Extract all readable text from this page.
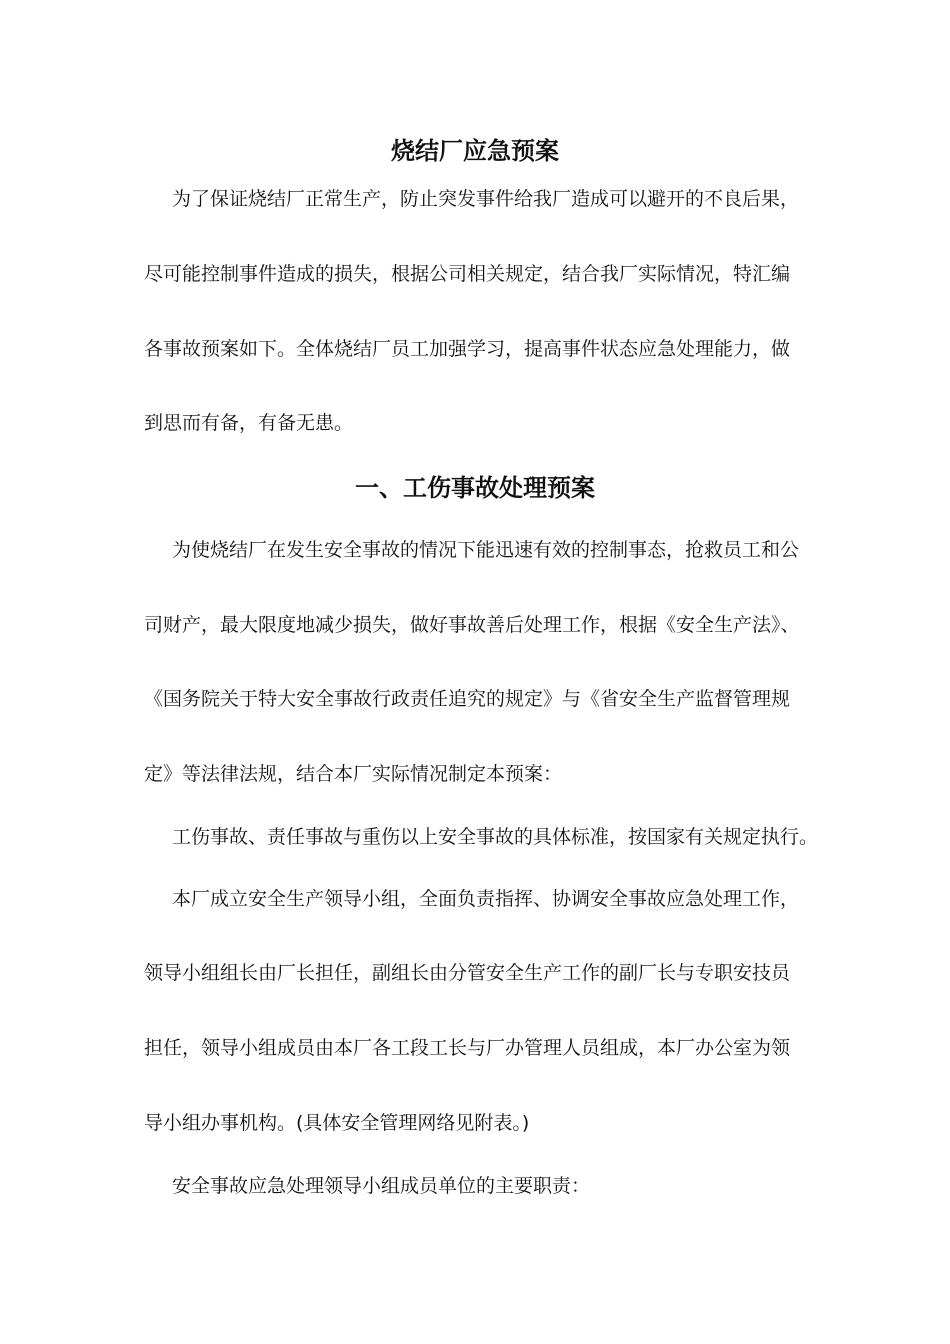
烧结厂应急预案
为了保证烧结厂正常生产，防止突发事件给我厂造成可以避开的不良后果，
尽可能控制事件造成的损失，根据公司相关规定，结合我厂实际情况，特汇编
各事故预案如下。全体烧结厂员工加强学习，提高事件状态应急处理能力，做
到思而有备，有备无患。
一、工伤事故处理预案
为使烧结厂在发生安全事故的情况下能迅速有效的控制事态，抢救员工和公
司财产，最大限度地减少损失，做好事故善后处理工作，根据《安全生产法》、
《国务院关于特大安全事故行政责任追究的规定》与《省安全生产监督管理规
定》等法律法规，结合本厂实际情况制定本预案：
工伤事故、责任事故与重伤以上安全事故的具体标准，按国家有关规定执行。
本厂成立安全生产领导小组，全面负责指挥、协调安全事故应急处理工作，
领导小组组长由厂长担任，副组长由分管安全生产工作的副厂长与专职安技员
担任，领导小组成员由本厂各工段工长与厂办管理人员组成，本厂办公室为领
导小组办事机构。(具体安全管理网络见附表。)
安全事故应急处理领导小组成员单位的主要职责：
